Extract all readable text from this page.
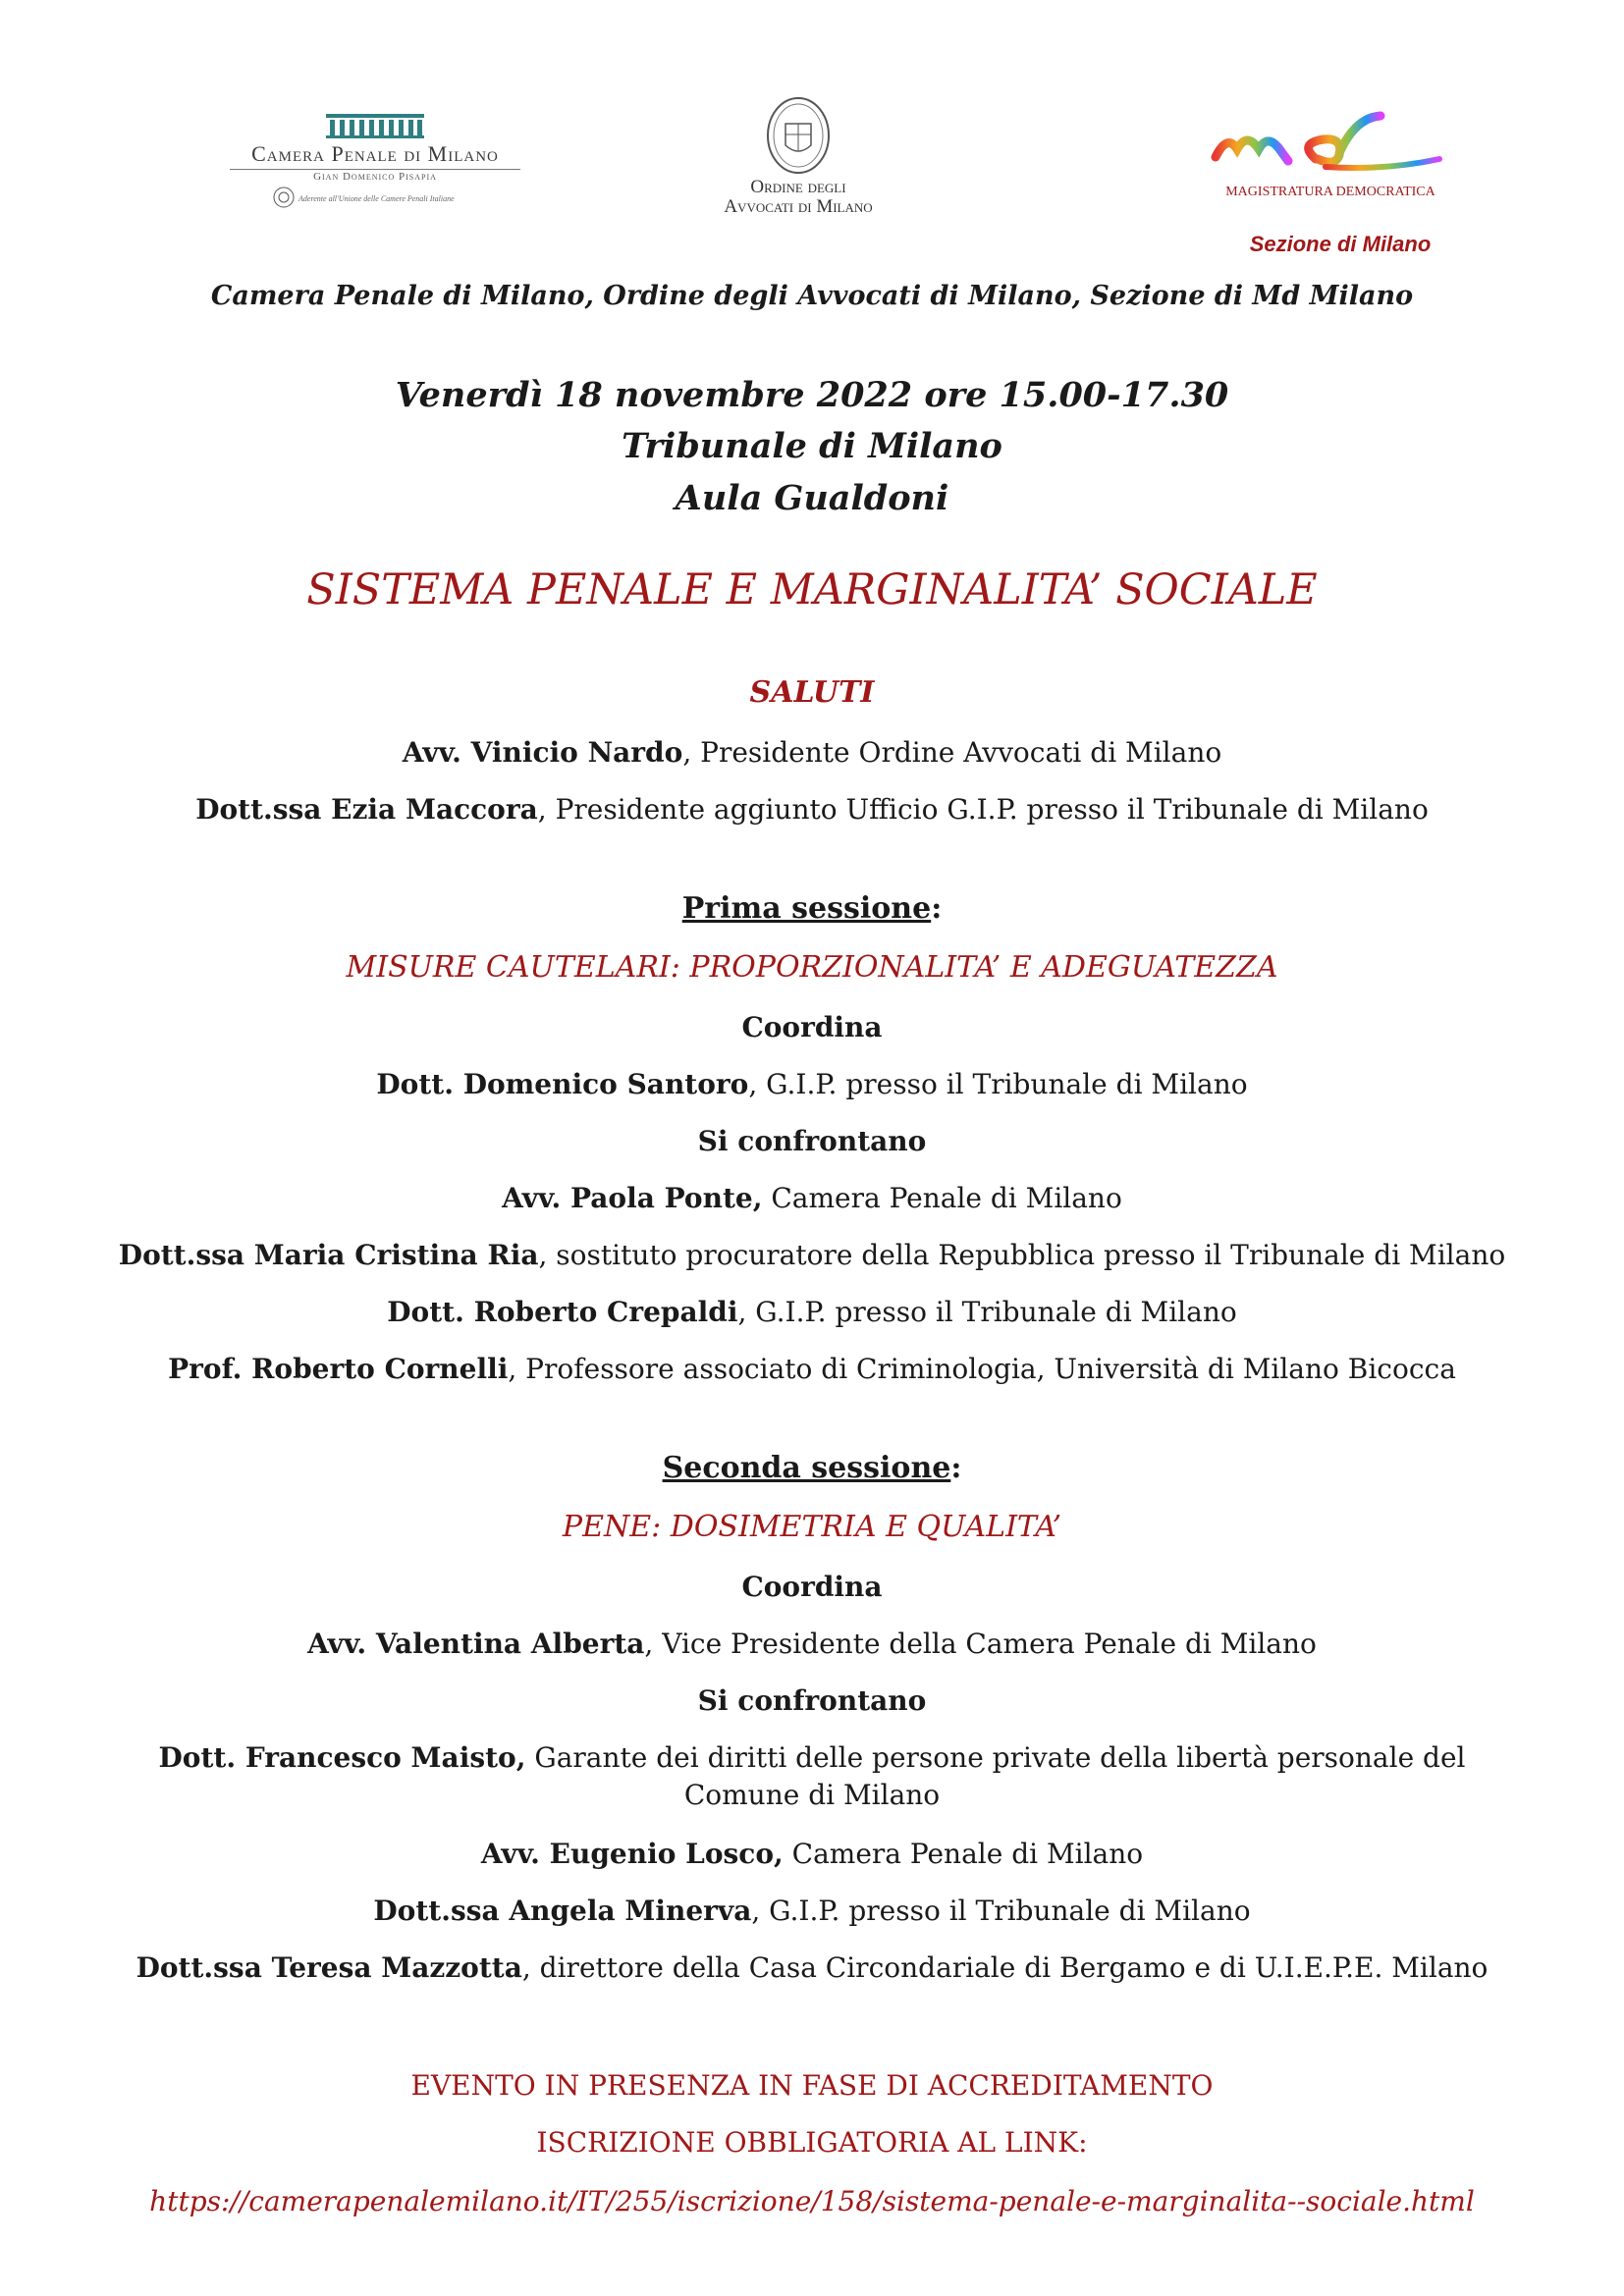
Camera Penale di Milano
Gian Domenico Pisapia
Aderente all'Unione delle Camere Penali Italiane
Ordine degli
Avvocati di Milano
MAGISTRATURA DEMOCRATICA
Sezione di Milano
Camera Penale di Milano, Ordine degli Avvocati di Milano, Sezione di Md Milano
Venerdì 18 novembre 2022 ore 15.00-17.30
Tribunale di Milano
Aula Gualdoni
SISTEMA PENALE E MARGINALITA’ SOCIALE
SALUTI
Avv. Vinicio Nardo, Presidente Ordine Avvocati di Milano
Dott.ssa Ezia Maccora, Presidente aggiunto Ufficio G.I.P. presso il Tribunale di Milano
Prima sessione:
MISURE CAUTELARI: PROPORZIONALITA’ E ADEGUATEZZA
Coordina
Dott. Domenico Santoro, G.I.P. presso il Tribunale di Milano
Si confrontano
Avv. Paola Ponte, Camera Penale di Milano
Dott.ssa Maria Cristina Ria, sostituto procuratore della Repubblica presso il Tribunale di Milano
Dott. Roberto Crepaldi, G.I.P. presso il Tribunale di Milano
Prof. Roberto Cornelli, Professore associato di Criminologia, Università di Milano Bicocca
Seconda sessione:
PENE: DOSIMETRIA E QUALITA’
Coordina
Avv. Valentina Alberta, Vice Presidente della Camera Penale di Milano
Si confrontano
Dott. Francesco Maisto, Garante dei diritti delle persone private della libertà personale del
Comune di Milano
Avv. Eugenio Losco, Camera Penale di Milano
Dott.ssa Angela Minerva, G.I.P. presso il Tribunale di Milano
Dott.ssa Teresa Mazzotta, direttore della Casa Circondariale di Bergamo e di U.I.E.P.E. Milano
EVENTO IN PRESENZA IN FASE DI ACCREDITAMENTO
ISCRIZIONE OBBLIGATORIA AL LINK:
https://camerapenalemilano.it/IT/255/iscrizione/158/sistema-penale-e-marginalita--sociale.html
